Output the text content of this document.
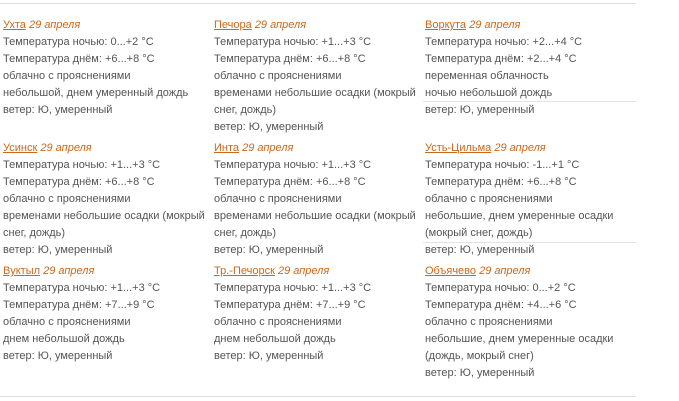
Ухта 29 апреля
Температура ночью: 0...+2 °C
Температура днём: +6...+8 °C
облачно с прояснениями
небольшой, днем умеренный дождь
ветер: Ю, умеренный
Печора 29 апреля
Температура ночью: +1...+3 °C
Температура днём: +6...+8 °C
облачно с прояснениями
временами небольшие осадки (мокрый
снег, дождь)
ветер: Ю, умеренный
Воркута 29 апреля
Температура ночью: +2...+4 °C
Температура днём: +2...+4 °C
переменная облачность
ночью небольшой дождь
ветер: Ю, умеренный
Усинск 29 апреля
Температура ночью: +1...+3 °C
Температура днём: +6...+8 °C
облачно с прояснениями
временами небольшие осадки (мокрый
снег, дождь)
ветер: Ю, умеренный
Инта 29 апреля
Температура ночью: +1...+3 °C
Температура днём: +6...+8 °C
облачно с прояснениями
временами небольшие осадки (мокрый
снег, дождь)
ветер: Ю, умеренный
Усть-Цильма 29 апреля
Температура ночью: -1...+1 °C
Температура днём: +6...+8 °C
облачно с прояснениями
небольшие, днем умеренные осадки
(мокрый снег, дождь)
ветер: Ю, умеренный
Вуктыл 29 апреля
Температура ночью: +1...+3 °C
Температура днём: +7...+9 °C
облачно с прояснениями
днем небольшой дождь
ветер: Ю, умеренный
Тр.-Печорск 29 апреля
Температура ночью: +1...+3 °C
Температура днём: +7...+9 °C
облачно с прояснениями
днем небольшой дождь
ветер: Ю, умеренный
Объячево 29 апреля
Температура ночью: 0...+2 °C
Температура днём: +4...+6 °C
облачно с прояснениями
небольшие, днем умеренные осадки
(дождь, мокрый снег)
ветер: Ю, умеренный
